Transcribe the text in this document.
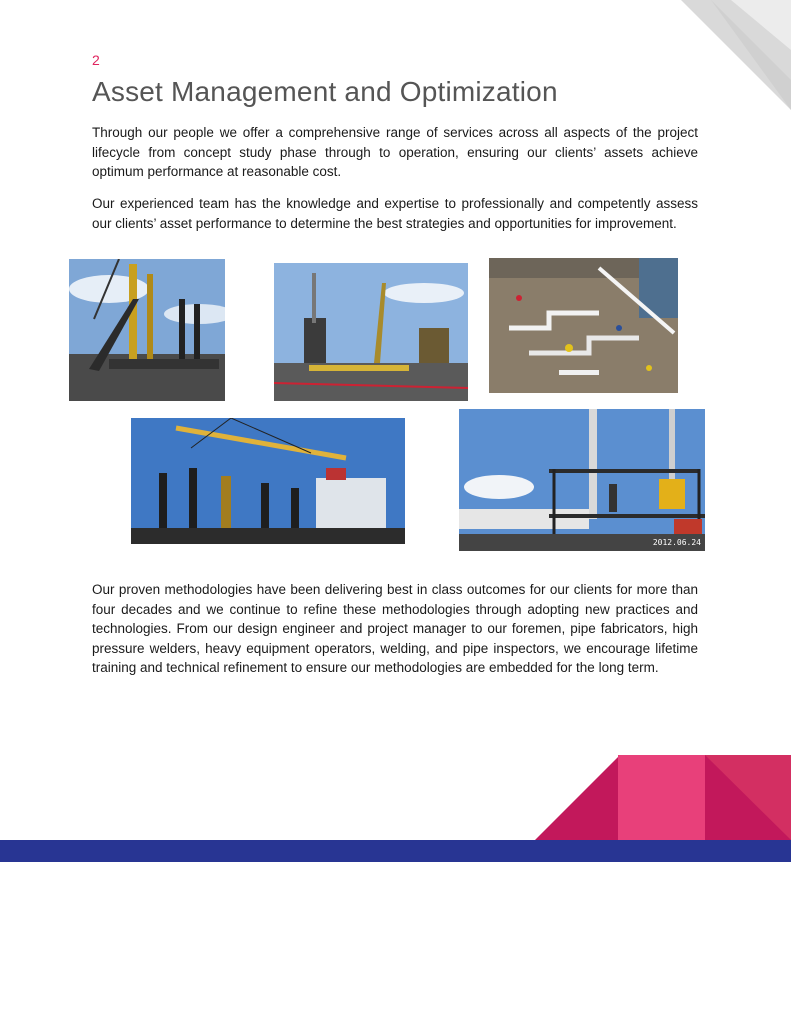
2
Asset Management and Optimization

Through our people we offer a comprehensive range of services across all aspects of the project lifecycle from concept study phase through to operation, ensuring our clients’ assets achieve optimum performance at reasonable cost.

Our experienced team has the knowledge and expertise to professionally and competently assess our clients’ asset performance to determine the best strategies and opportunities for improvement.

2012.06.24

Our proven methodologies have been delivering best in class outcomes for our clients for more than four decades and we continue to refine these methodologies through adopting new practices and technologies. From our design engineer and project manager to our foremen, pipe fabricators, high pressure welders, heavy equipment operators, welding, and pipe inspectors, we encourage lifetime training and technical refinement to ensure our methodologies are embedded for the long term.
